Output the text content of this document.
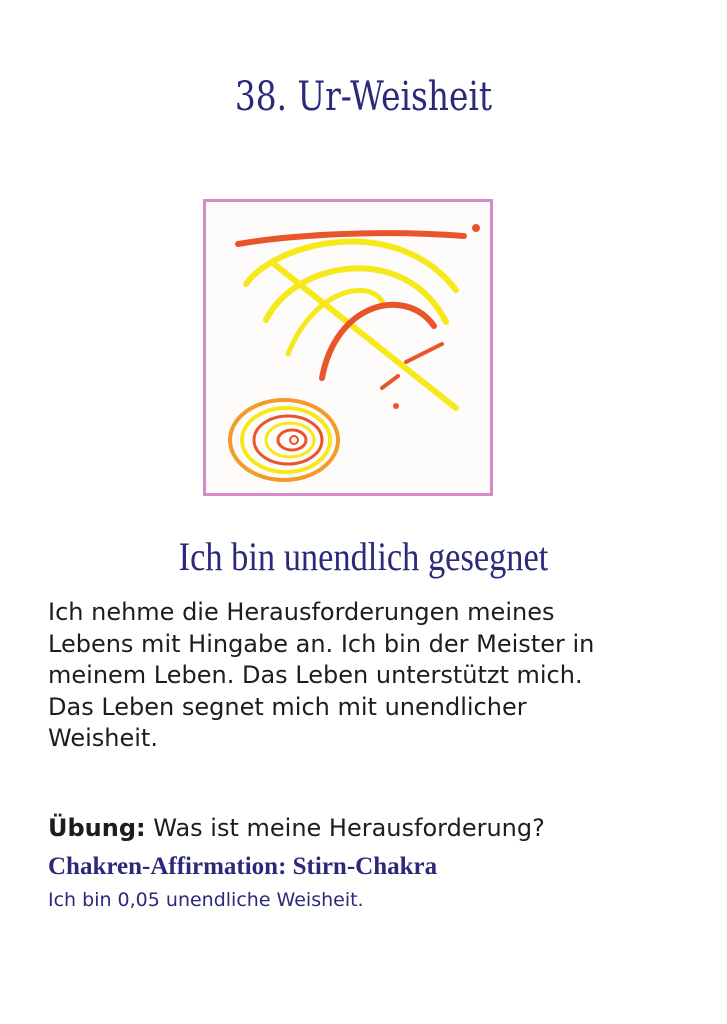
38. Ur-Weisheit
Ich bin unendlich gesegnet
Ich nehme die Herausforderungen meines
Lebens mit Hingabe an. Ich bin der Meister in
meinem Leben. Das Leben unterstützt mich.
Das Leben segnet mich mit unendlicher
Weisheit.

Übung: Was ist meine Herausforderung?

Chakren-Affirmation: Stirn-Chakra

Ich bin 0,05 unendliche Weisheit.
